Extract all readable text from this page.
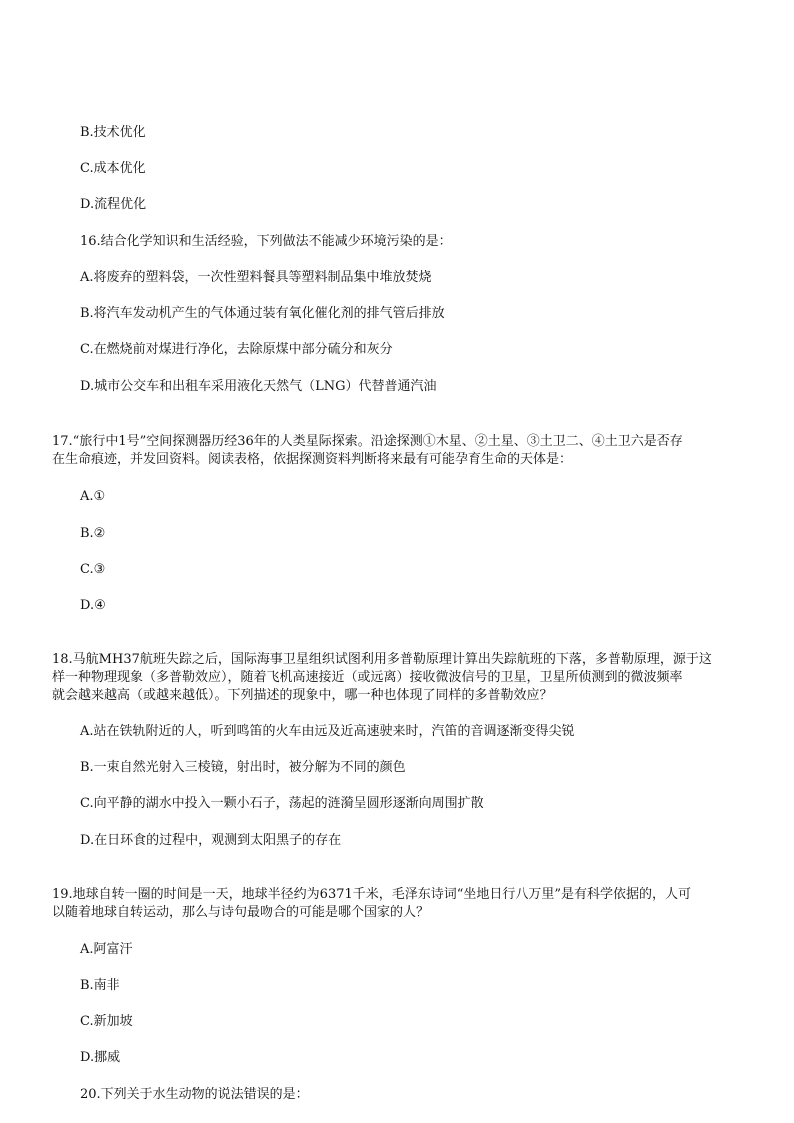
B.技术优化
C.成本优化
D.流程优化
16.结合化学知识和生活经验，下列做法不能减少环境污染的是：
A.将废弃的塑料袋，一次性塑料餐具等塑料制品集中堆放焚烧
B.将汽车发动机产生的气体通过装有氧化催化剂的排气管后排放
C.在燃烧前对煤进行净化，去除原煤中部分硫分和灰分
D.城市公交车和出租车采用液化天然气（LNG）代替普通汽油
17.“旅行中1号”空间探测器历经36年的人类星际探索。沿途探测①木星、②土星、③土卫二、④土卫六是否存
在生命痕迹，并发回资料。阅读表格，依据探测资料判断将来最有可能孕育生命的天体是：
A.①
B.②
C.③
D.④
18.马航MH37航班失踪之后，国际海事卫星组织试图利用多普勒原理计算出失踪航班的下落，多普勒原理，源于这
样一种物理现象（多普勒效应），随着飞机高速接近（或远离）接收微波信号的卫星，卫星所侦测到的微波频率
就会越来越高（或越来越低）。下列描述的现象中，哪一种也体现了同样的多普勒效应？
A.站在铁轨附近的人，听到鸣笛的火车由远及近高速驶来时，汽笛的音调逐渐变得尖锐
B.一束自然光射入三棱镜，射出时，被分解为不同的颜色
C.向平静的湖水中投入一颗小石子，荡起的涟漪呈圆形逐渐向周围扩散
D.在日环食的过程中，观测到太阳黑子的存在
19.地球自转一圈的时间是一天，地球半径约为6371千米，毛泽东诗词“坐地日行八万里”是有科学依据的，人可
以随着地球自转运动，那么与诗句最吻合的可能是哪个国家的人？
A.阿富汗
B.南非
C.新加坡
D.挪威
20.下列关于水生动物的说法错误的是：
